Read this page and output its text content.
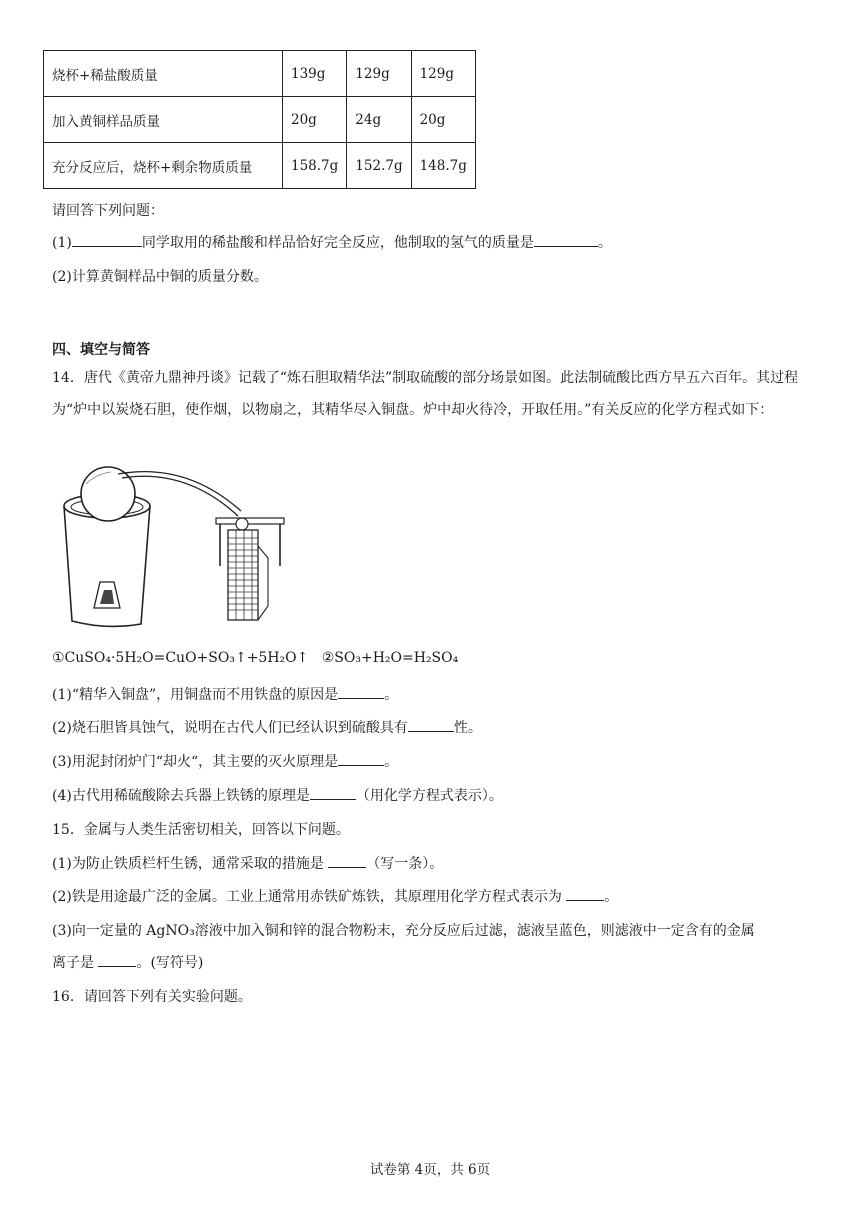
烧杯+稀盐酸质量	139g	129g	129g
加入黄铜样品质量	20g	24g	20g
充分反应后，烧杯+剩余物质质量	158.7g	152.7g	148.7g
请回答下列问题：
(1)	同学取用的稀盐酸和样品恰好完全反应，他制取的氢气的质量是	。
(2)计算黄铜样品中铜的质量分数。
四、填空与简答
14．唐代《黄帝九鼎神丹谈》记载了“炼石胆取精华法”制取硫酸的部分场景如图。此法制硫酸比西方早五六百年。其过程为“炉中以炭烧石胆，使作烟，以物扇之，其精华尽入铜盘。炉中却火待冷，开取任用。”有关反应的化学方程式如下：
①CuSO₄·5H₂O=CuO+SO₃↑+5H₂O↑ ②SO₃+H₂O=H₂SO₄
(1)“精华入铜盘”，用铜盘而不用铁盘的原因是	。
(2)烧石胆皆具蚀气，说明在古代人们已经认识到硫酸具有	性。
(3)用泥封闭炉门“却火“，其主要的灭火原理是	。
(4)古代用稀硫酸除去兵器上铁锈的原理是	（用化学方程式表示）。
15．金属与人类生活密切相关，回答以下问题。
(1)为防止铁质栏杆生锈，通常采取的措施是	（写一条）。
(2)铁是用途最广泛的金属。工业上通常用赤铁矿炼铁，其原理用化学方程式表示为	。
(3)向一定量的 AgNO₃溶液中加入铜和锌的混合物粉末，充分反应后过滤，滤液呈蓝色，则滤液中一定含有的金属
离子是	。(写符号)
16．请回答下列有关实验问题。
试卷第 4页，共 6页
